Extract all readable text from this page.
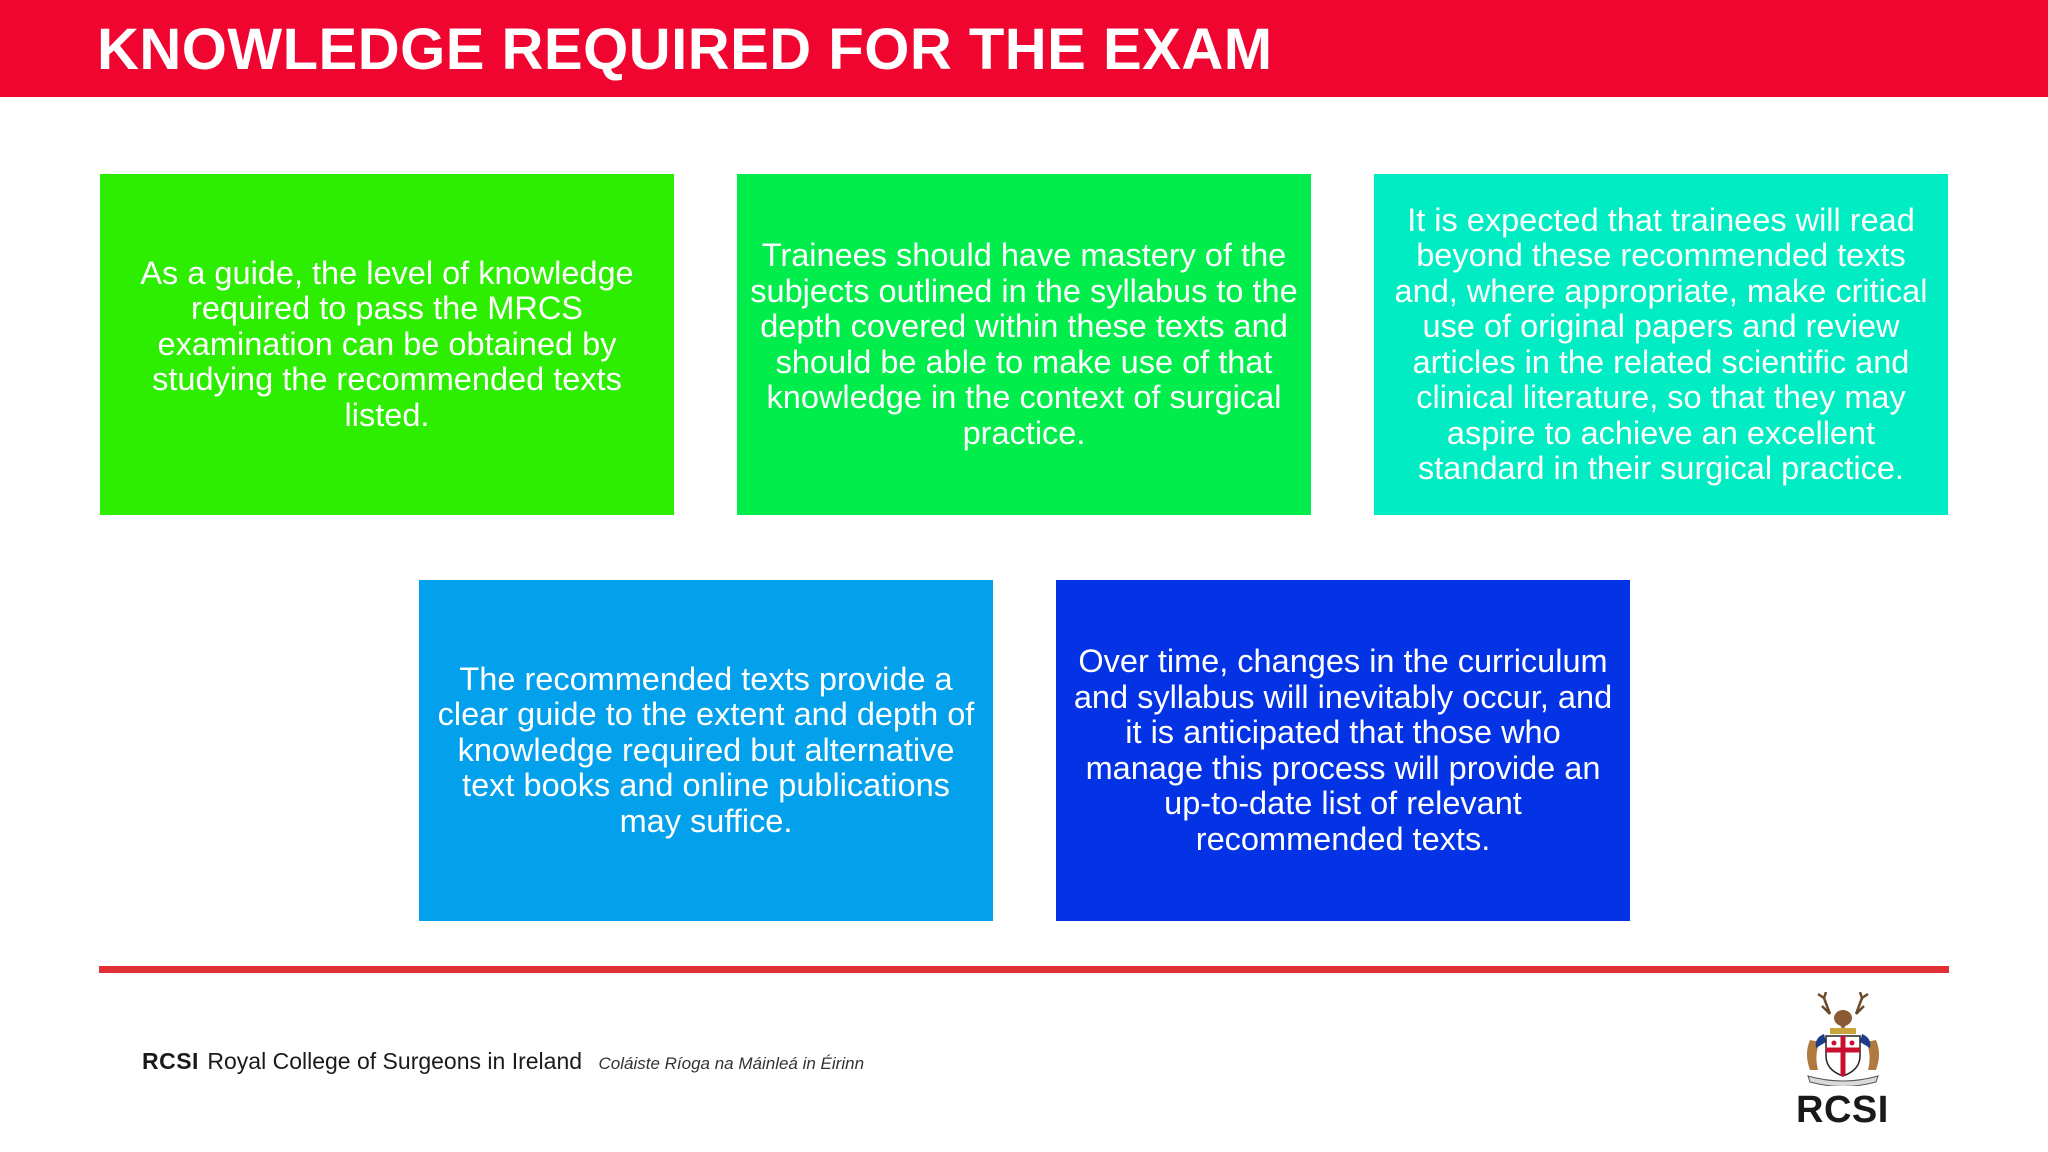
KNOWLEDGE REQUIRED FOR THE EXAM

As a guide, the level of knowledge required to pass the MRCS examination can be obtained by studying the recommended texts listed.

Trainees should have mastery of the subjects outlined in the syllabus to the depth covered within these texts and should be able to make use of that knowledge in the context of surgical practice.

It is expected that trainees will read beyond these recommended texts and, where appropriate, make critical use of original papers and review articles in the related scientific and clinical literature, so that they may aspire to achieve an excellent standard in their surgical practice.

The recommended texts provide a clear guide to the extent and depth of knowledge required but alternative text books and online publications may suffice.

Over time, changes in the curriculum and syllabus will inevitably occur, and it is anticipated that those who manage this process will provide an up-to-date list of relevant recommended texts.

RCSI Royal College of Surgeons in Ireland Coláiste Ríoga na Máinleá in Éirinn
RCSI
